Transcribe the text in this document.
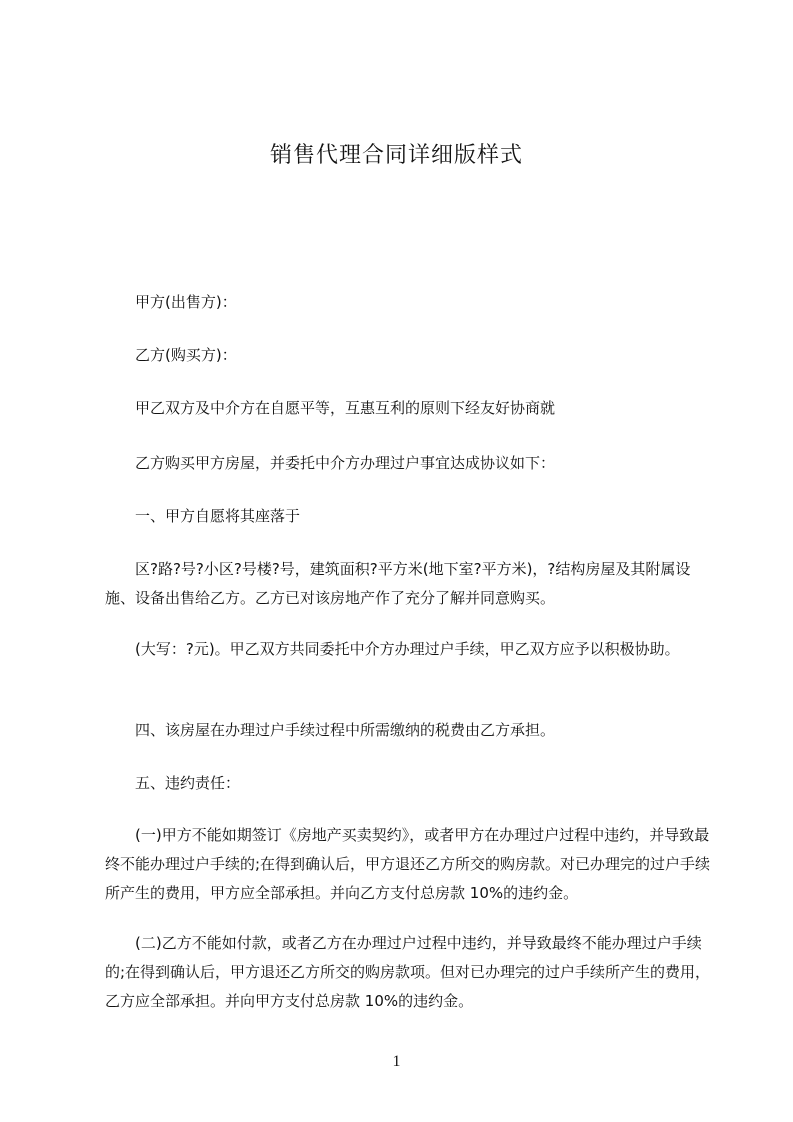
销售代理合同详细版样式

甲方(出售方)：

乙方(购买方)：

甲乙双方及中介方在自愿平等，互惠互利的原则下经友好协商就

乙方购买甲方房屋，并委托中介方办理过户事宜达成协议如下：

一、甲方自愿将其座落于

区?路?号?小区?号楼?号，建筑面积?平方米(地下室?平方米)，?结构房屋及其附属设施、设备出售给乙方。乙方已对该房地产作了充分了解并同意购买。

(大写：?元)。甲乙双方共同委托中介方办理过户手续，甲乙双方应予以积极协助。

四、该房屋在办理过户手续过程中所需缴纳的税费由乙方承担。

五、违约责任：

(一)甲方不能如期签订《房地产买卖契约》，或者甲方在办理过户过程中违约，并导致最终不能办理过户手续的;在得到确认后，甲方退还乙方所交的购房款。对已办理完的过户手续所产生的费用，甲方应全部承担。并向乙方支付总房款 10%的违约金。

(二)乙方不能如付款，或者乙方在办理过户过程中违约，并导致最终不能办理过户手续的;在得到确认后，甲方退还乙方所交的购房款项。但对已办理完的过户手续所产生的费用，乙方应全部承担。并向甲方支付总房款 10%的违约金。

1
